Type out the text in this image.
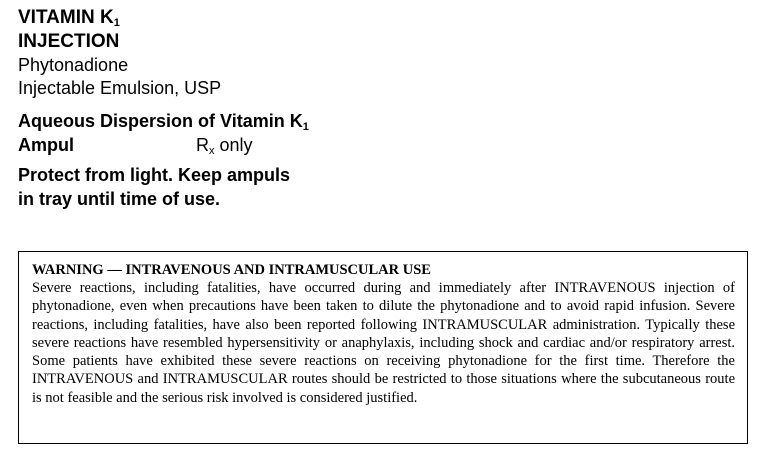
VITAMIN $K_1$
INJECTION
Phytonadione
Injectable Emulsion, USP
Aqueous Dispersion of Vitamin $K_1$
Ampul	$R_x$ only
Protect from light. Keep ampuls
in tray until time of use.
WARNING — INTRAVENOUS AND INTRAMUSCULAR USE
Severe reactions, including fatalities, have occurred during and immediately after INTRAVENOUS injection of phytonadione, even when precautions have been taken to dilute the phytonadione and to avoid rapid infusion. Severe reactions, including fatalities, have also been reported following INTRAMUSCULAR administration. Typically these severe reactions have resembled hypersensitivity or anaphylaxis, including shock and cardiac and/or respiratory arrest. Some patients have exhibited these severe reactions on receiving phytonadione for the first time. Therefore the INTRAVENOUS and INTRAMUSCULAR routes should be restricted to those situations where the subcutaneous route is not feasible and the serious risk involved is considered justified.
